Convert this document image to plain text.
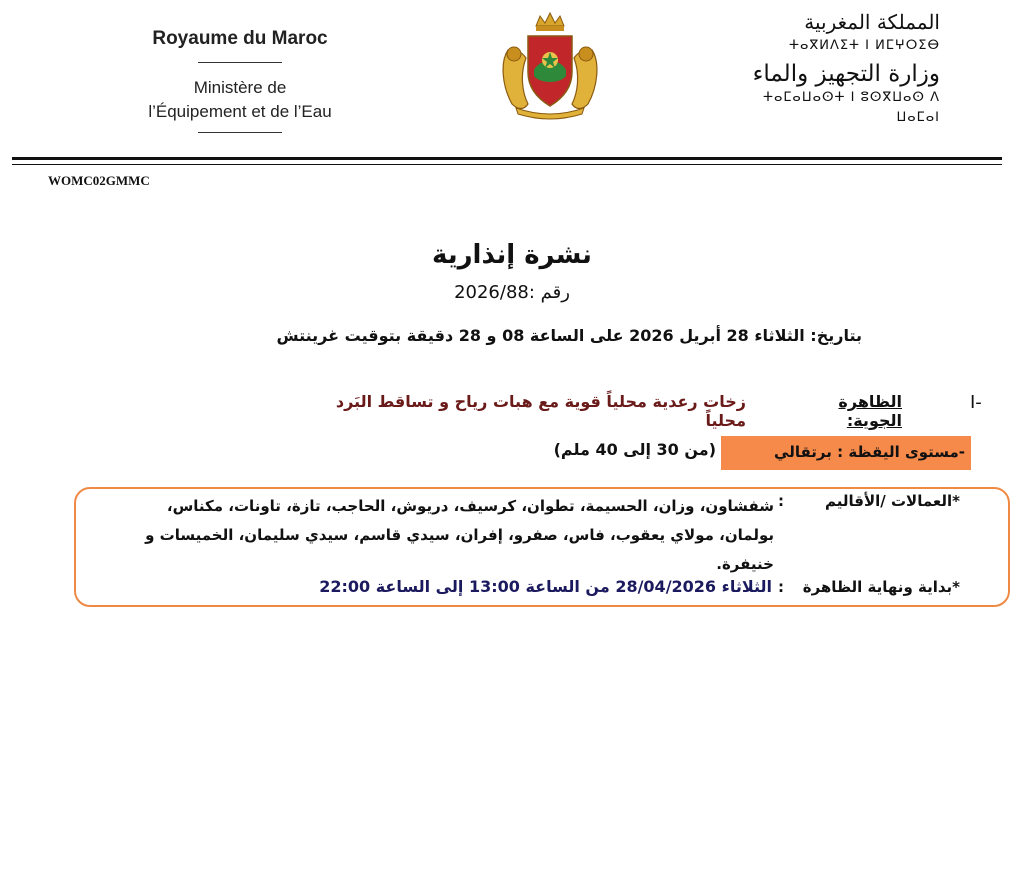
Royaume du Maroc
Ministère de
l’Équipement et de l’Eau
المملكة المغربية
ⵜⴰⴳⵍⴷⵉⵜ ⵏ ⵍⵎⵖⵔⵉⴱ
وزارة التجهيز والماء
ⵜⴰⵎⴰⵡⴰⵙⵜ ⵏ ⵓⵙⴳⵡⴰⵙ ⴷ ⵡⴰⵎⴰⵏ
WOMC02GMMC
نشرة إنذارية
رقم :2026/88
بتاريخ: الثلاثاء 28 أبريل 2026 على الساعة 08 و 28 دقيقة بتوقيت غرينتش
I-
الظاهرة الجوية:
زخات رعدية محلياً قوية مع هبات رياح و تساقط البَرد محلياً
-مستوى اليقظة : برتقالي
(من 30 إلى 40 ملم)
*العمالات /الأقاليم
:
شفشاون، وزان، الحسيمة، تطوان، كرسيف، دريوش، الحاجب، تازة، تاونات، مكناس، بولمان، مولاي يعقوب، فاس، صفرو، إفران، سيدي قاسم، سيدي سليمان، الخميسات و خنيفرة.
*بداية ونهاية الظاهرة
:
الثلاثاء 28/04/2026 من الساعة 13:00 إلى الساعة 22:00
